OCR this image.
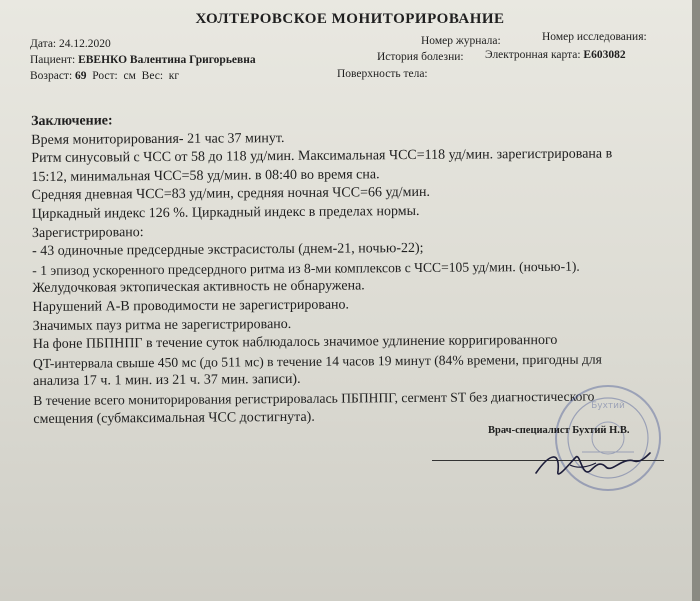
ХОЛТЕРОВСКОЕ МОНИТОРИРОВАНИЕ
Дата: 24.12.2020	Номер журнала:	Номер исследования:
Пациент: ЕВЕНКО Валентина Григорьевна	История болезни: Электронная карта: Е603082
Возраст: 69 Рост: см Вес: кг	Поверхность тела:
Заключение:
Время мониторирования- 21 час 37 минут.
Ритм синусовый с ЧСС от 58 до 118 уд/мин. Максимальная ЧСС=118 уд/мин. зарегистрирована в
15:12, минимальная ЧСС=58 уд/мин. в 08:40 во время сна.
Средняя дневная ЧСС=83 уд/мин, средняя ночная ЧСС=66 уд/мин.
Циркадный индекс 126 %. Циркадный индекс в пределах нормы.
Зарегистрировано:
- 43 одиночные предсердные экстрасистолы (днем-21, ночью-22);
- 1 эпизод ускоренного предсердного ритма из 8-ми комплексов с ЧСС=105 уд/мин. (ночью-1).
Желудочковая эктопическая активность не обнаружена.
Нарушений А-В проводимости не зарегистрировано.
Значимых пауз ритма не зарегистрировано.
На фоне ПБПНПГ в течение суток наблюдалось значимое удлинение корригированного
QT-интервала свыше 450 мс (до 511 мс) в течение 14 часов 19 минут (84% времени, пригодны для
анализа 17 ч. 1 мин. из 21 ч. 37 мин. записи).
В течение всего мониторирования регистрировалась ПБПНПГ, сегмент ST без диагностического
смещения (субмаксимальная ЧСС достигнута).
Бухтий
Врач-специалист Бухтий Н.В.
